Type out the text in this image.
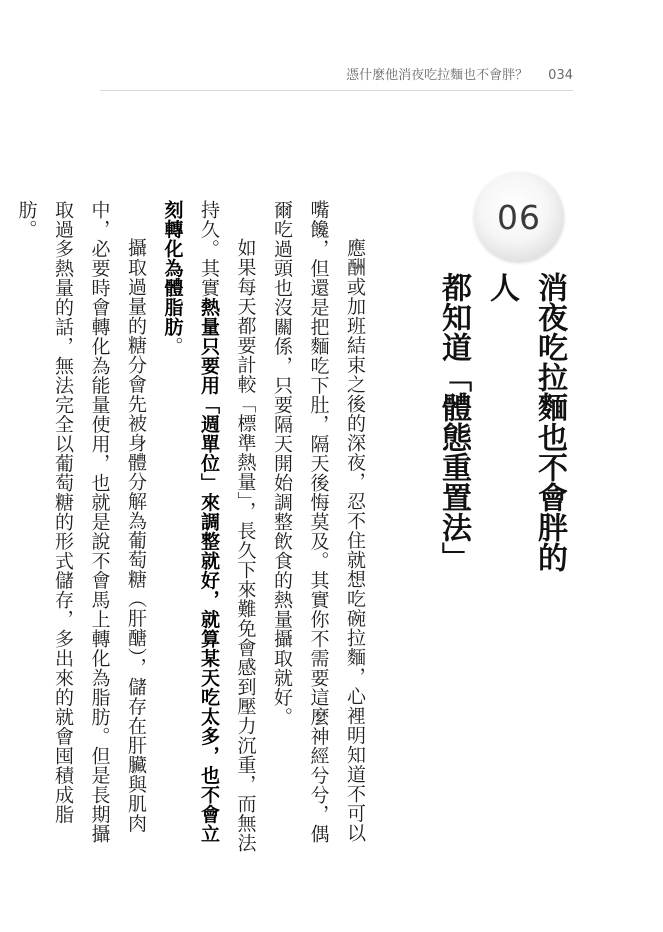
憑什麼他消夜吃拉麵也不會胖？ 034
06
消夜吃拉麵也不會胖的人
都知道「體態重置法」

應酬或加班結束之後的深夜，忍不住就想吃碗拉麵，心裡明知道不可以嘴饞，但還是把麵吃下肚，隔天後悔莫及。其實你不需要這麼神經兮兮，偶爾吃過頭也沒關係，只要隔天開始調整飲食的熱量攝取就好。

如果每天都要計較「標準熱量」，長久下來難免會感到壓力沉重，而無法持久。其實熱量只要用「週單位」來調整就好，就算某天吃太多，也不會立刻轉化為體脂肪。

攝取過量的糖分會先被身體分解為葡萄糖（肝醣），儲存在肝臟與肌肉中，必要時會轉化為能量使用，也就是說不會馬上轉化為脂肪。但是長期攝取過多熱量的話，無法完全以葡萄糖的形式儲存，多出來的就會囤積成脂肪。
